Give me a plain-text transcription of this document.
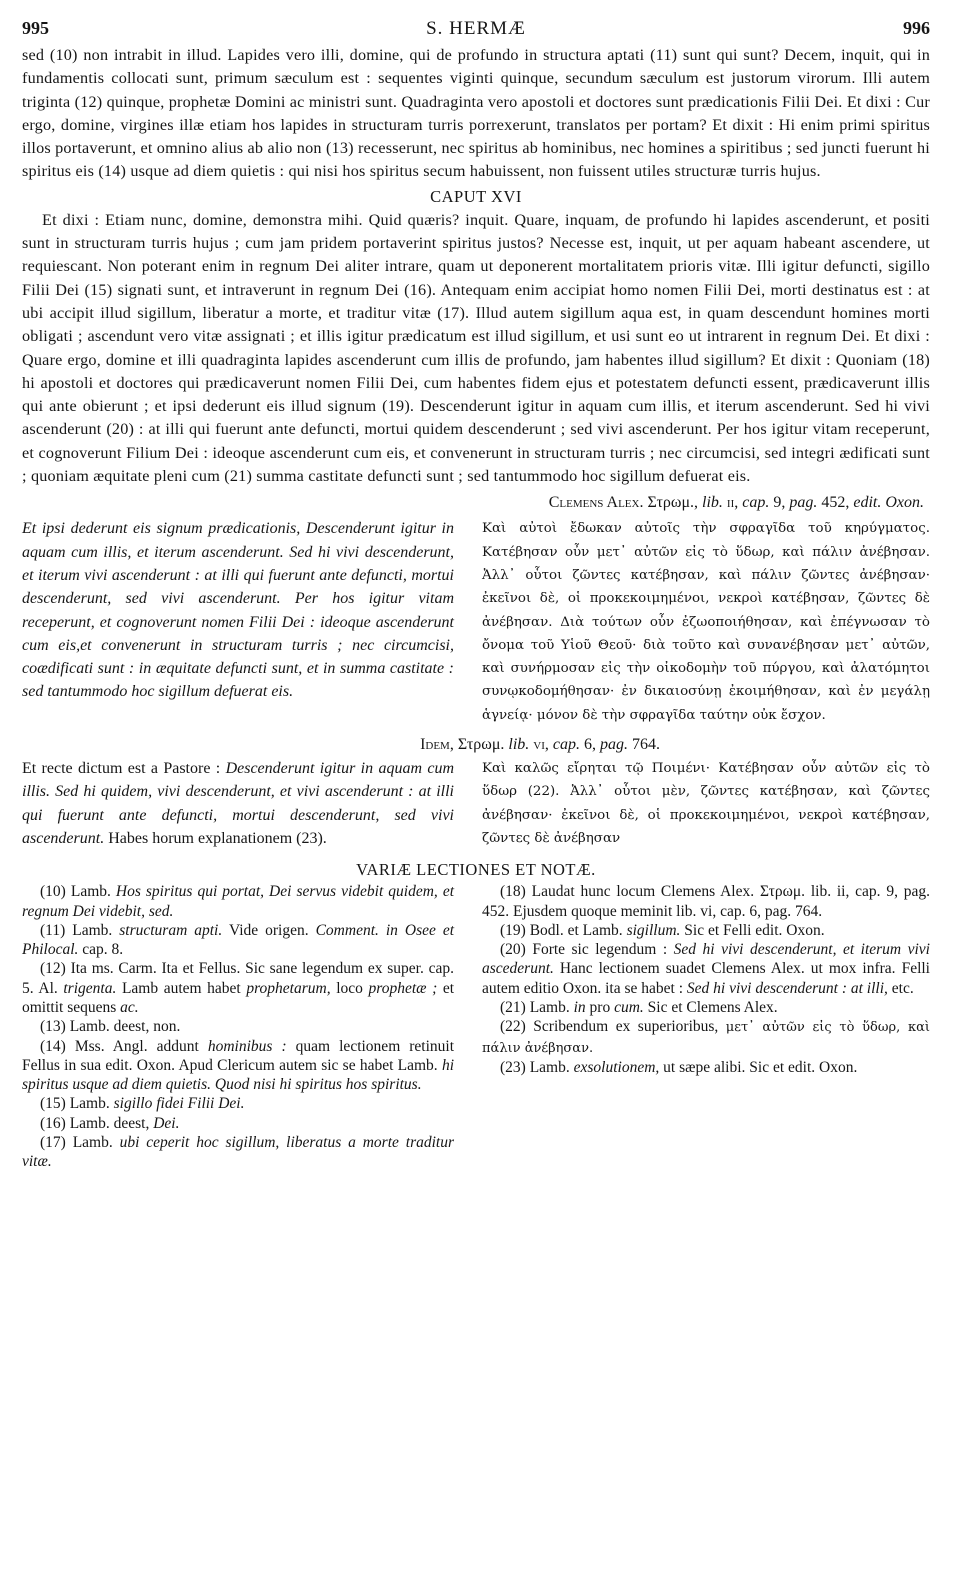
995	S. HERMÆ	996

sed (10) non intrabit in illud. Lapides vero illi, domine, qui de profundo in structura aptati (11) sunt qui sunt? Decem, inquit, qui in fundamentis collocati sunt, primum sæculum est : sequentes viginti quinque, secundum sæculum est justorum virorum. Illi autem triginta (12) quinque, prophetæ Domini ac ministri sunt. Quadraginta vero apostoli et doctores sunt prædicationis Filii Dei. Et dixi : Cur ergo, domine, virgines illæ etiam hos lapides in structuram turris porrexerunt, translatos per portam? Et dixit : Hi enim primi spiritus illos portaverunt, et omnino alius ab alio non (13) recesserunt, nec spiritus ab hominibus, nec homines a spiritibus ; sed juncti fuerunt hi spiritus eis (14) usque ad diem quietis : qui nisi hos spiritus secum habuissent, non fuissent utiles structuræ turris hujus.

CAPUT XVI

Et dixi : Etiam nunc, domine, demonstra mihi. Quid quæris? inquit. Quare, inquam, de profundo hi lapides ascenderunt, et positi sunt in structuram turris hujus ; cum jam pridem portaverint spiritus justos? Necesse est, inquit, ut per aquam habeant ascendere, ut requiescant. Non poterant enim in regnum Dei aliter intrare, quam ut deponerent mortalitatem prioris vitæ. Illi igitur defuncti, sigillo Filii Dei (15) signati sunt, et intraverunt in regnum Dei (16). Antequam enim accipiat homo nomen Filii Dei, morti destinatus est : at ubi accipit illud sigillum, liberatur a morte, et traditur vitæ (17). Illud autem sigillum aqua est, in quam descendunt homines morti obligati ; ascendunt vero vitæ assignati ; et illis igitur prædicatum est illud sigillum, et usi sunt eo ut intrarent in regnum Dei. Et dixi : Quare ergo, domine et illi quadraginta lapides ascenderunt cum illis de profundo, jam habentes illud sigillum? Et dixit : Quoniam (18) hi apostoli et doctores qui prædicaverunt nomen Filii Dei, cum habentes fidem ejus et potestatem defuncti essent, prædicaverunt illis qui ante obierunt ; et ipsi dederunt eis illud signum (19). Descenderunt igitur in aquam cum illis, et iterum ascenderunt. Sed hi vivi ascenderunt (20) : at illi qui fuerunt ante defuncti, mortui quidem descenderunt ; sed vivi ascenderunt. Per hos igitur vitam receperunt, et cognoverunt Filium Dei : ideoque ascenderunt cum eis, et convenerunt in structuram turris ; nec circumcisi, sed integri ædificati sunt ; quoniam æquitate pleni cum (21) summa castitate defuncti sunt ; sed tantummodo hoc sigillum defuerat eis.

Clemens Alex. Στρωμ., lib. ii, cap. 9, pag. 452, edit. Oxon.
Et ipsi dederunt eis signum prædicationis, Descenderunt igitur in aquam cum illis, et iterum ascenderunt. Sed hi vivi descenderunt, et iterum vivi ascenderunt : at illi qui fuerunt ante defuncti, mortui descenderunt, sed vivi ascenderunt. Per hos igitur vitam receperunt, et cognoverunt nomen Filii Dei : ideoque ascenderunt cum eis,et convenerunt in structuram turris ; nec circumcisi, coædificati sunt : in æquitate defuncti sunt, et in summa castitate : sed tantummodo hoc sigillum defuerat eis.
Καὶ αὐτοὶ ἔδωκαν αὐτοῖς τὴν σφραγῖδα τοῦ κηρύγματος. Κατέβησαν οὖν μετ᾽ αὐτῶν εἰς τὸ ὕδωρ, καὶ πάλιν ἀνέβησαν. Ἀλλ᾽ οὗτοι ζῶντες κατέβησαν, καὶ πάλιν ζῶντες ἀνέβησαν· ἐκεῖνοι δὲ, οἱ προκεκοιμημένοι, νεκροὶ κατέβησαν, ζῶντες δὲ ἀνέβησαν. Διὰ τούτων οὖν ἐζωοποιήθησαν, καὶ ἐπέγνωσαν τὸ ὄνομα τοῦ Υἱοῦ Θεοῦ· διὰ τοῦτο καὶ συνανέβησαν μετ᾽ αὐτῶν, καὶ συνήρμοσαν εἰς τὴν οἰκοδομὴν τοῦ πύργου, καὶ ἀλατόμητοι συνῳκοδομήθησαν· ἐν δικαιοσύνῃ ἐκοιμήθησαν, καὶ ἐν μεγάλῃ ἁγνείᾳ· μόνον δὲ τὴν σφραγῖδα ταύτην οὐκ ἔσχον.
Idem, Στρωμ. lib. vi, cap. 6, pag. 764.
Et recte dictum est a Pastore : Descenderunt igitur in aquam cum illis. Sed hi quidem, vivi descenderunt, et vivi ascenderunt : at illi qui fuerunt ante defuncti, mortui descenderunt, sed vivi ascenderunt. Habes horum explanationem (23).
Καὶ καλῶς εἴρηται τῷ Ποιμένι· Κατέβησαν οὖν αὐτῶν εἰς τὸ ὕδωρ (22). Ἀλλ᾽ οὗτοι μὲν, ζῶντες κατέβησαν, καὶ ζῶντες ἀνέβησαν· ἐκεῖνοι δὲ, οἱ προκεκοιμημένοι, νεκροὶ κατέβησαν, ζῶντες δὲ ἀνέβησαν
VARIÆ LECTIONES ET NOTÆ.

(10) Lamb. Hos spiritus qui portat, Dei servus videbit quidem, et regnum Dei videbit, sed.

(11) Lamb. structuram apti. Vide origen. Comment. in Osee et Philocal. cap. 8.

(12) Ita ms. Carm. Ita et Fellus. Sic sane legendum ex super. cap. 5. Al. trigenta. Lamb autem habet prophetarum, loco prophetæ ; et omittit sequens ac.

(13) Lamb. deest, non.

(14) Mss. Angl. addunt hominibus : quam lectionem retinuit Fellus in sua edit. Oxon. Apud Clericum autem sic se habet Lamb. hi spiritus usque ad diem quietis. Quod nisi hi spiritus hos spiritus.

(15) Lamb. sigillo fidei Filii Dei.

(16) Lamb. deest, Dei.

(17) Lamb. ubi ceperit hoc sigillum, liberatus a morte traditur vitæ.

(18) Laudat hunc locum Clemens Alex. Στρωμ. lib. ii, cap. 9, pag. 452. Ejusdem quoque meminit lib. vi, cap. 6, pag. 764.

(19) Bodl. et Lamb. sigillum. Sic et Felli edit. Oxon.

(20) Forte sic legendum : Sed hi vivi descenderunt, et iterum vivi ascederunt. Hanc lectionem suadet Clemens Alex. ut mox infra. Felli autem editio Oxon. ita se habet : Sed hi vivi descenderunt : at illi, etc.

(21) Lamb. in pro cum. Sic et Clemens Alex.

(22) Scribendum ex superioribus, μετ᾽ αὐτῶν εἰς τὸ ὕδωρ, καὶ πάλιν ἀνέβησαν.

(23) Lamb. exsolutionem, ut sæpe alibi. Sic et edit. Oxon.
